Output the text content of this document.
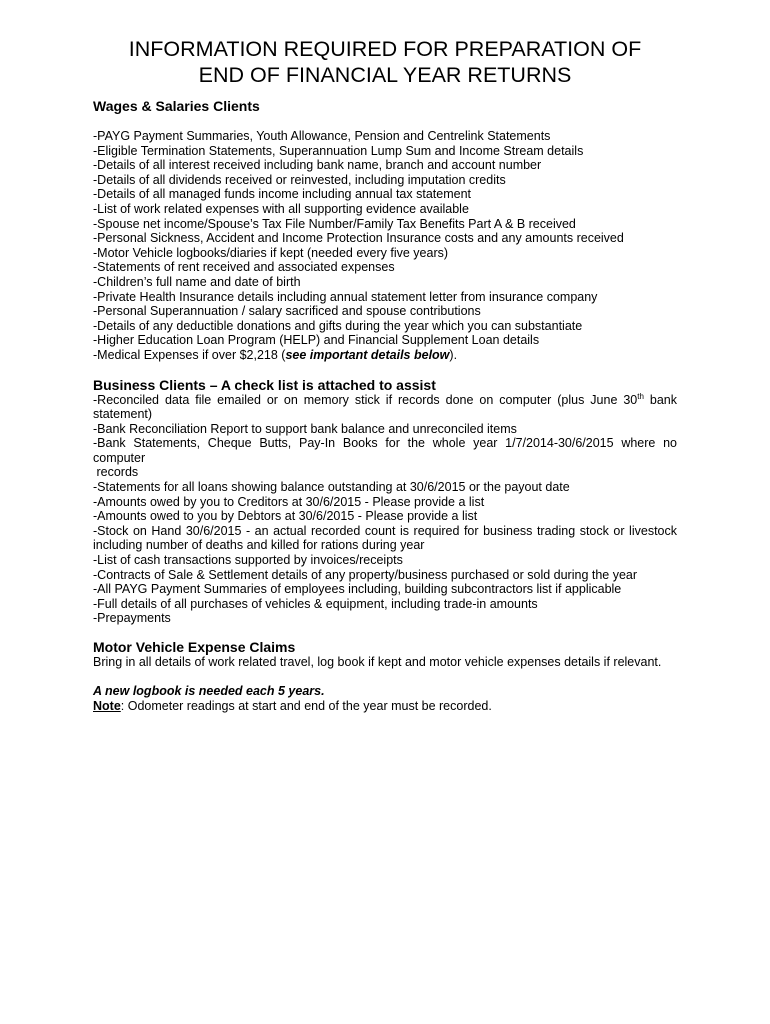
INFORMATION REQUIRED FOR PREPARATION OF
END OF FINANCIAL YEAR RETURNS

Wages & Salaries Clients

-PAYG Payment Summaries, Youth Allowance, Pension and Centrelink Statements
-Eligible Termination Statements, Superannuation Lump Sum and Income Stream details
-Details of all interest received including bank name, branch and account number
-Details of all dividends received or reinvested, including imputation credits
-Details of all managed funds income including annual tax statement
-List of work related expenses with all supporting evidence available
-Spouse net income/Spouse’s Tax File Number/Family Tax Benefits Part A & B received
-Personal Sickness, Accident and Income Protection Insurance costs and any amounts received
-Motor Vehicle logbooks/diaries if kept (needed every five years)
-Statements of rent received and associated expenses
-Children’s full name and date of birth
-Private Health Insurance details including annual statement letter from insurance company
-Personal Superannuation / salary sacrificed and spouse contributions
-Details of any deductible donations and gifts during the year which you can substantiate
-Higher Education Loan Program (HELP) and Financial Supplement Loan details
-Medical Expenses if over $2,218 (see important details below).

Business Clients – A check list is attached to assist

-Reconciled data file emailed or on memory stick if records done on computer (plus June 30th bank statement)
-Bank Reconciliation Report to support bank balance and unreconciled items
-Bank Statements, Cheque Butts, Pay-In Books for the whole year 1/7/2014-30/6/2015 where no computer
records
-Statements for all loans showing balance outstanding at 30/6/2015 or the payout date
-Amounts owed by you to Creditors at 30/6/2015 - Please provide a list
-Amounts owed to you by Debtors at 30/6/2015 - Please provide a list
-Stock on Hand 30/6/2015 - an actual recorded count is required for business trading stock or livestock including number of deaths and killed for rations during year
-List of cash transactions supported by invoices/receipts
-Contracts of Sale & Settlement details of any property/business purchased or sold during the year
-All PAYG Payment Summaries of employees including, building subcontractors list if applicable
-Full details of all purchases of vehicles & equipment, including trade-in amounts
-Prepayments

Motor Vehicle Expense Claims

Bring in all details of work related travel, log book if kept and motor vehicle expenses details if relevant.

A new logbook is needed each 5 years.

Note: Odometer readings at start and end of the year must be recorded.
